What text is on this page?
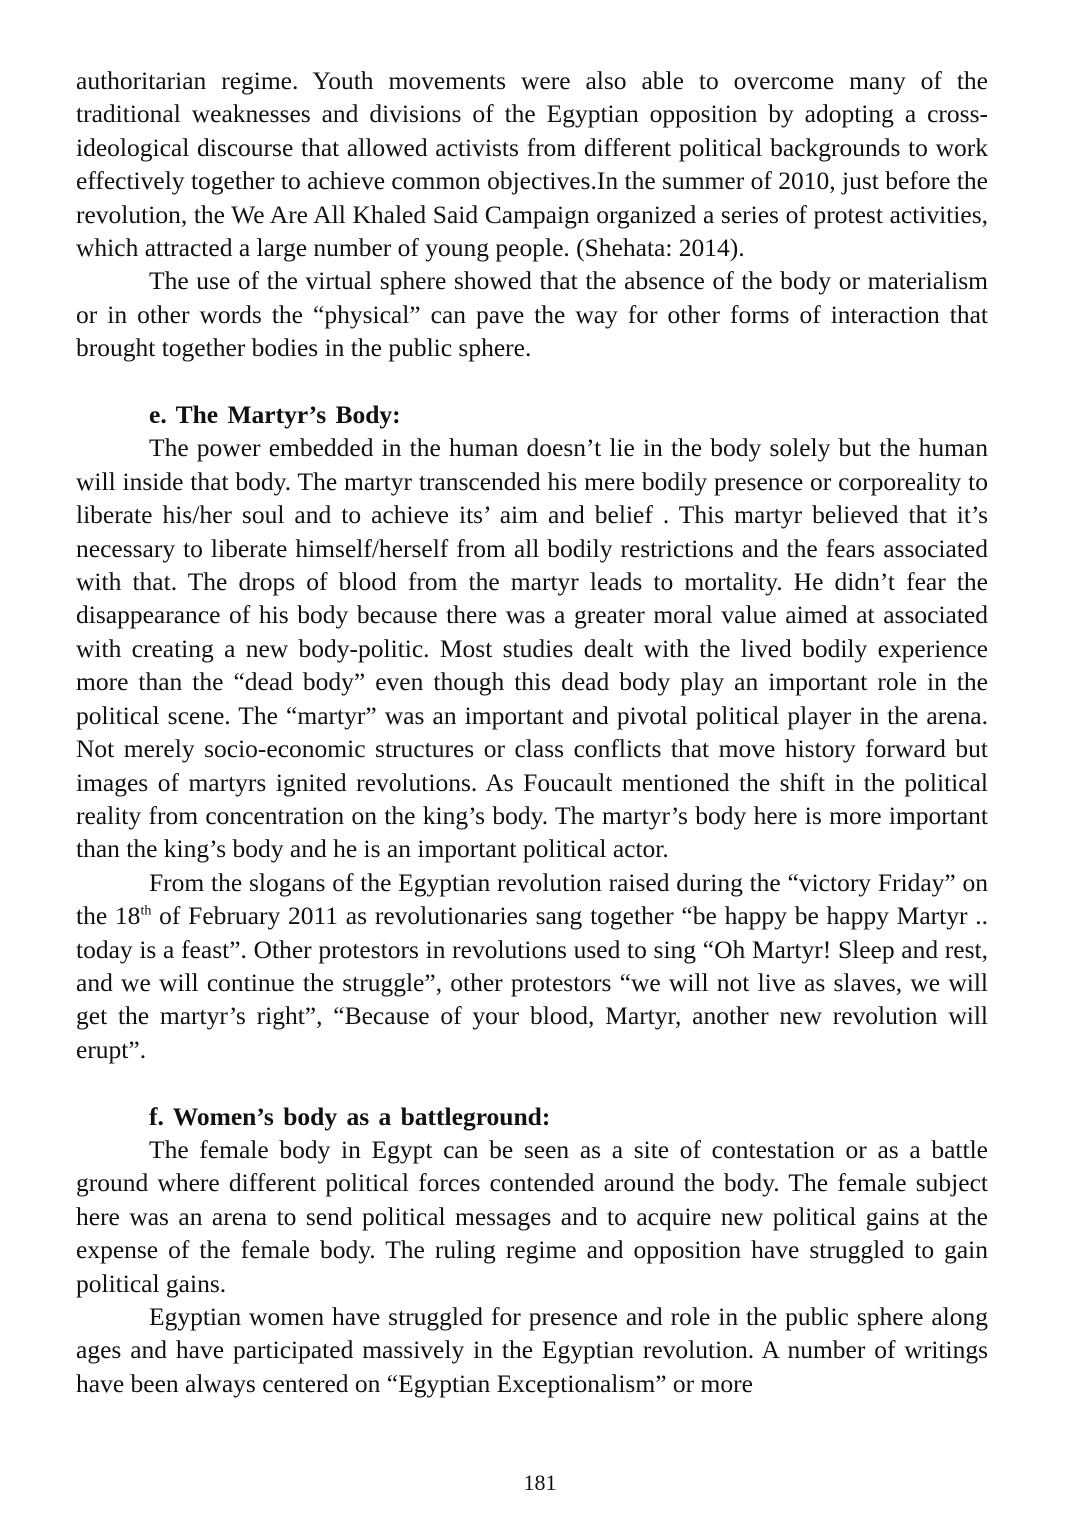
authoritarian regime. Youth movements were also able to overcome many of the traditional weaknesses and divisions of the Egyptian opposition by adopting a cross-ideological discourse that allowed activists from different political backgrounds to work effectively together to achieve common objectives.In the summer of 2010, just before the revolution, the We Are All Khaled Said Campaign organized a series of protest activities, which attracted a large number of young people. (Shehata: 2014).

The use of the virtual sphere showed that the absence of the body or materialism or in other words the “physical” can pave the way for other forms of interaction that brought together bodies in the public sphere.

e. The Martyr’s Body:

The power embedded in the human doesn’t lie in the body solely but the human will inside that body. The martyr transcended his mere bodily presence or corporeality to liberate his/her soul and to achieve its’ aim and belief . This martyr believed that it’s necessary to liberate himself/herself from all bodily restrictions and the fears associated with that. The drops of blood from the martyr leads to mortality. He didn’t fear the disappearance of his body because there was a greater moral value aimed at associated with creating a new body-politic. Most studies dealt with the lived bodily experience more than the “dead body” even though this dead body play an important role in the political scene. The “martyr” was an important and pivotal political player in the arena. Not merely socio-economic structures or class conflicts that move history forward but images of martyrs ignited revolutions. As Foucault mentioned the shift in the political reality from concentration on the king’s body. The martyr’s body here is more important than the king’s body and he is an important political actor.

From the slogans of the Egyptian revolution raised during the “victory Friday” on the 18th of February 2011 as revolutionaries sang together “be happy be happy Martyr .. today is a feast”. Other protestors in revolutions used to sing “Oh Martyr! Sleep and rest, and we will continue the struggle”, other protestors “we will not live as slaves, we will get the martyr’s right”, “Because of your blood, Martyr, another new revolution will erupt”.

f. Women’s body as a battleground:

The female body in Egypt can be seen as a site of contestation or as a battle ground where different political forces contended around the body. The female subject here was an arena to send political messages and to acquire new political gains at the expense of the female body. The ruling regime and opposition have struggled to gain political gains.

Egyptian women have struggled for presence and role in the public sphere along ages and have participated massively in the Egyptian revolution. A number of writings have been always centered on “Egyptian Exceptionalism” or more

181
